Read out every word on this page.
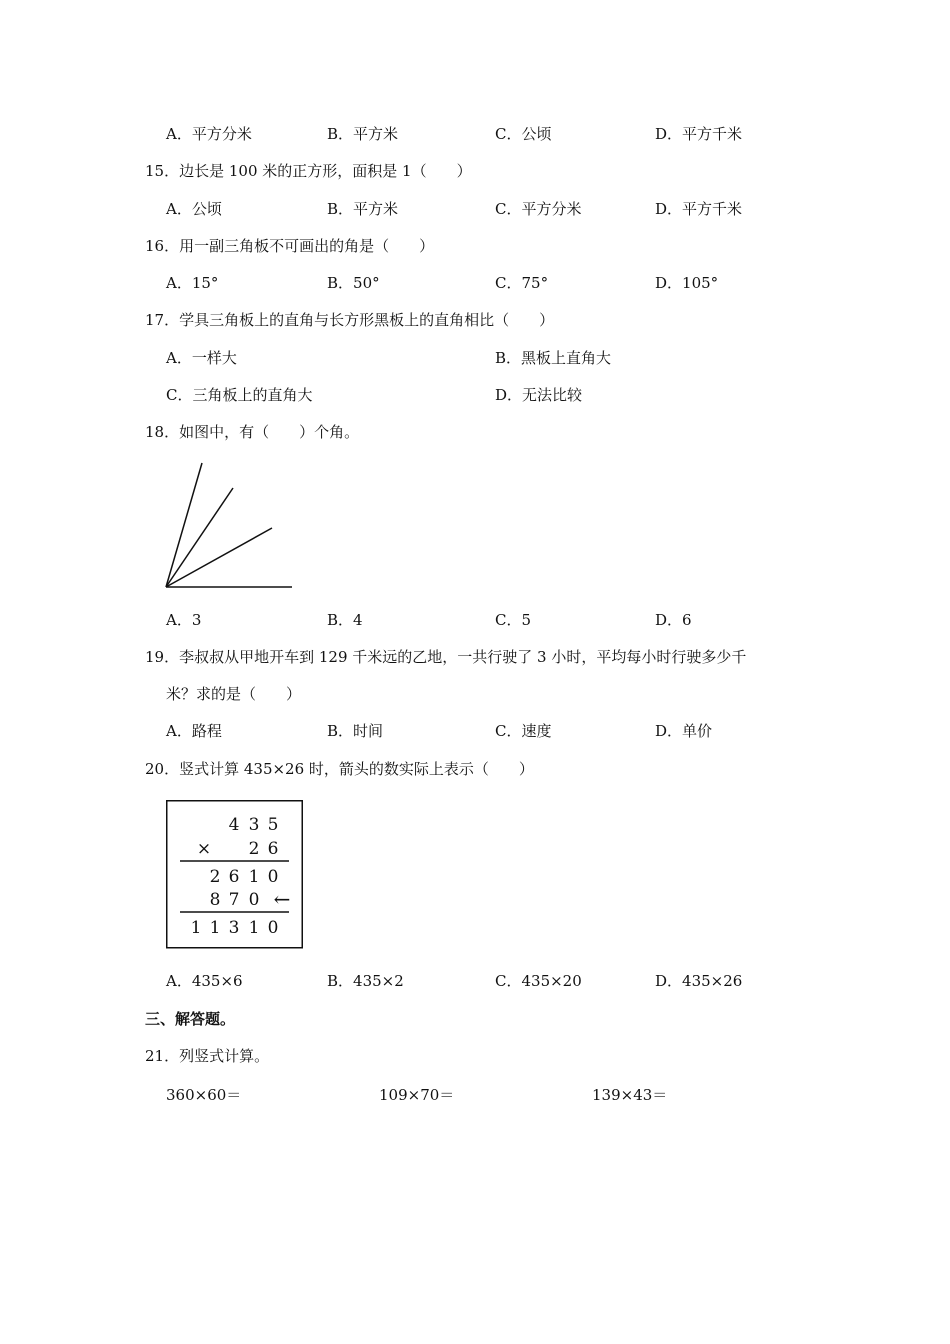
A．平方分米	B．平方米	C．公顷	D．平方千米
15．边长是 100 米的正方形，面积是 1（　　）
A．公顷	B．平方米	C．平方分米	D．平方千米
16．用一副三角板不可画出的角是（　　）
A．15°	B．50°	C．75°	D．105°
17．学具三角板上的直角与长方形黑板上的直角相比（　　）
A．一样大	B．黑板上直角大
C．三角板上的直角大	D．无法比较
18．如图中，有（　　）个角。
A．3	B．4	C．5	D．6
19．李叔叔从甲地开车到 129 千米远的乙地，一共行驶了 3 小时，平均每小时行驶多少千
米？求的是（　　）
A．路程	B．时间	C．速度	D．单价
20．竖式计算 435×26 时，箭头的数实际上表示（　　）
4 3 5
× 2 6
2 6 1 0
8 7 0 ←
1 1 3 1 0
A．435×6	B．435×2	C．435×20	D．435×26
三、解答题。
21．列竖式计算。
360×60＝	109×70＝	139×43＝
